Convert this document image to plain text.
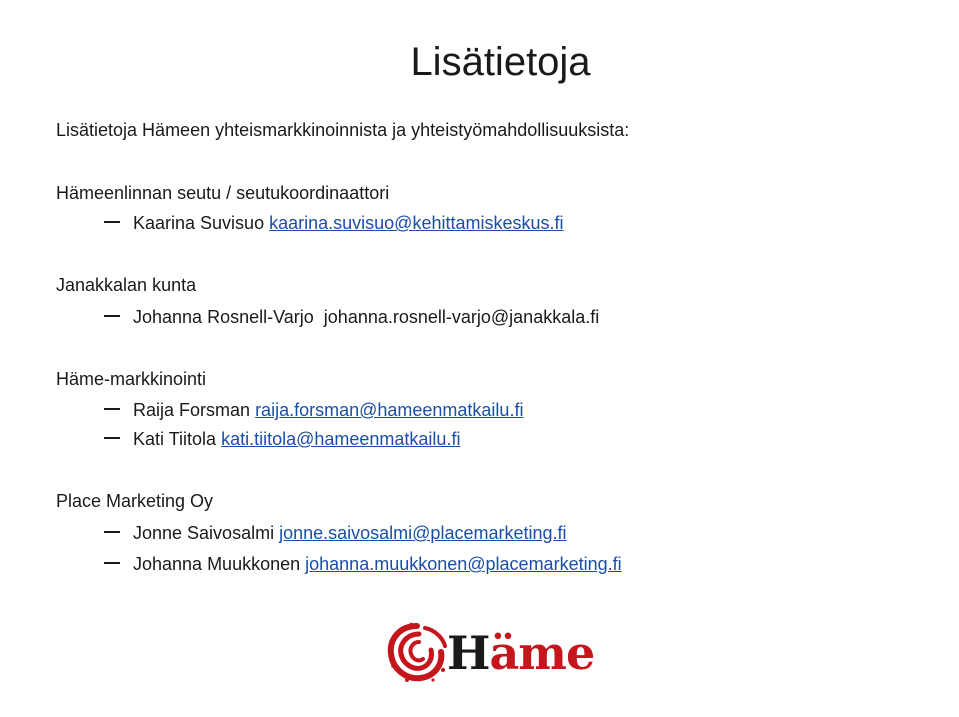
Lisätietoja
Lisätietoja Hämeen yhteismarkkinoinnista ja yhteistyömahdollisuuksista:
Hämeenlinnan seutu / seutukoordinaattori
Kaarina Suvisuo kaarina.suvisuo@kehittamiskeskus.fi
Janakkalan kunta
Johanna Rosnell-Varjo johanna.rosnell-varjo@janakkala.fi
Häme-markkinointi
Raija Forsman raija.forsman@hameenmatkailu.fi
Kati Tiitola kati.tiitola@hameenmatkailu.fi
Place Marketing Oy
Jonne Saivosalmi jonne.saivosalmi@placemarketing.fi
Johanna Muukkonen johanna.muukkonen@placemarketing.fi
Häme
